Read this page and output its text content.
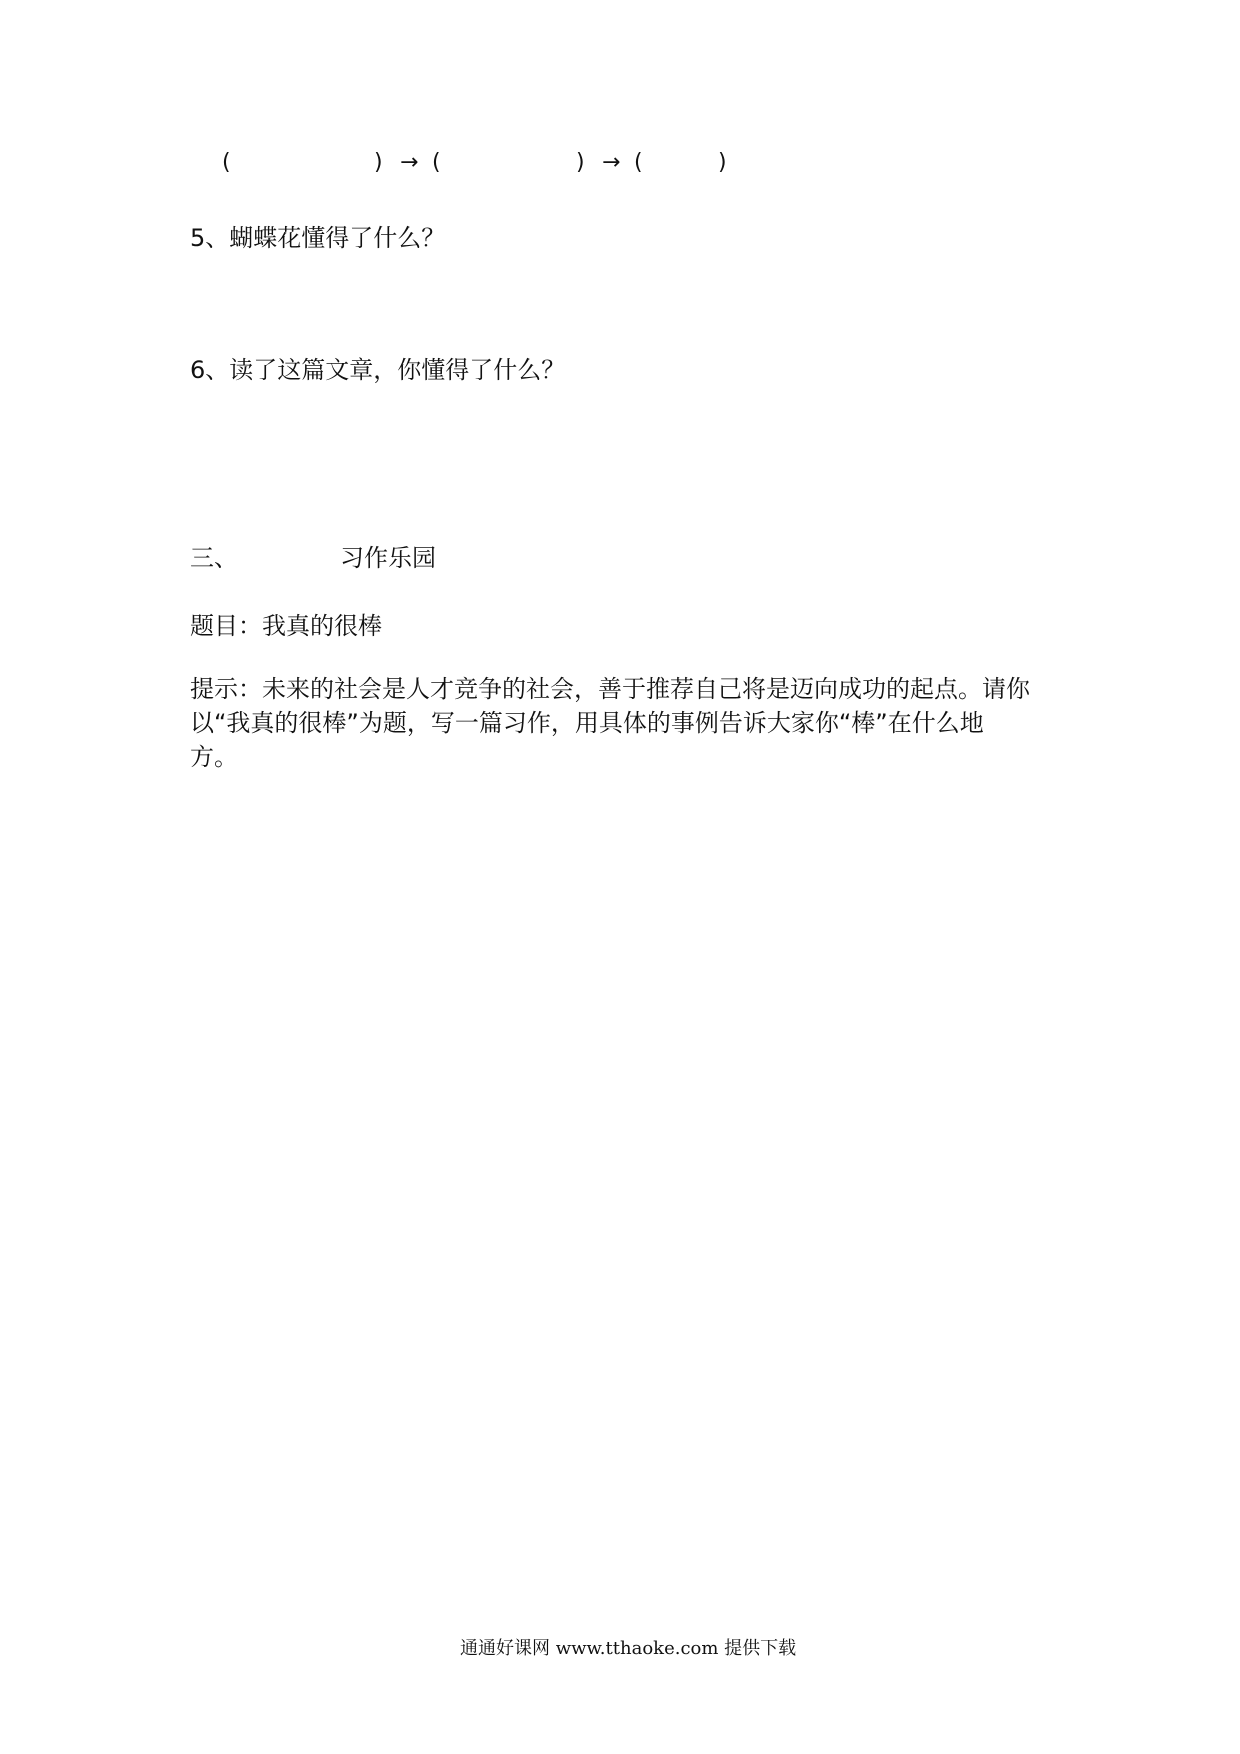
(	) → (	) → (	)
5、蝴蝶花懂得了什么？
6、读了这篇文章，你懂得了什么？
三、	习作乐园
题目：我真的很棒
提示：未来的社会是人才竞争的社会，善于推荐自己将是迈向成功的起点。请你
以“我真的很棒”为题，写一篇习作，用具体的事例告诉大家你“棒”在什么地
方。
通通好课网 www.tthaoke.com 提供下载
